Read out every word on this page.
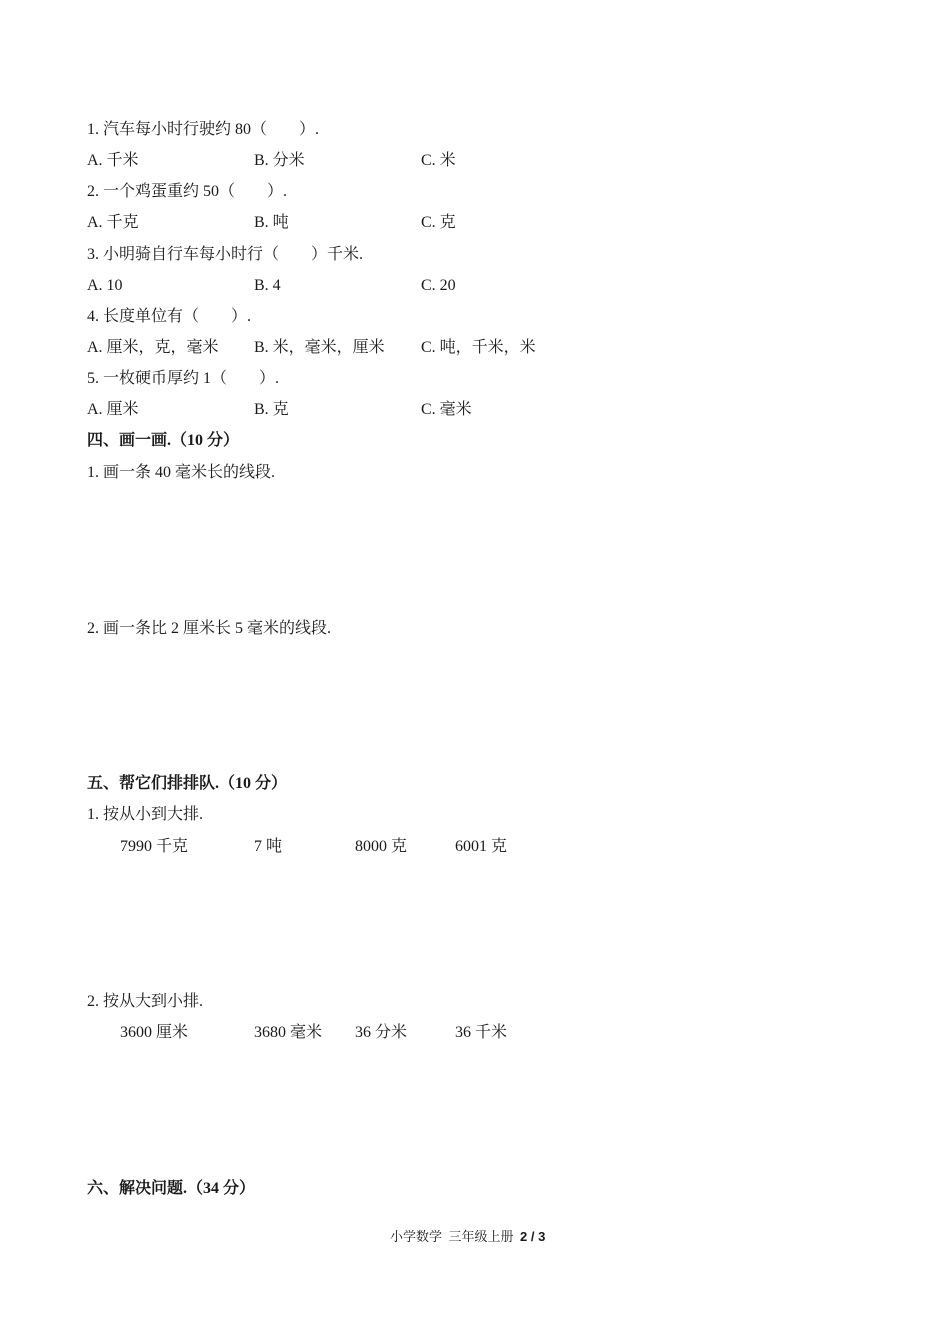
1. 汽车每小时行驶约 80（　　）.
A. 千米	B. 分米	C. 米
2. 一个鸡蛋重约 50（　　）.
A. 千克	B. 吨	C. 克
3. 小明骑自行车每小时行（　　）千米.
A. 10	B. 4	C. 20
4. 长度单位有（　　）.
A. 厘米，克，毫米 B. 米，毫米，厘米 C. 吨，千米，米
5. 一枚硬币厚约 1（　　）.
A. 厘米	B. 克	C. 毫米
四、画一画.（10 分）
1. 画一条 40 毫米长的线段.
2. 画一条比 2 厘米长 5 毫米的线段.
五、帮它们排排队.（10 分）
1. 按从小到大排.
7990 千克	7 吨	8000 克	6001 克
2. 按从大到小排.
3600 厘米	3680 毫米 36 分米	36 千米
六、解决问题.（34 分）
小学数学  三年级上册  2 / 3
